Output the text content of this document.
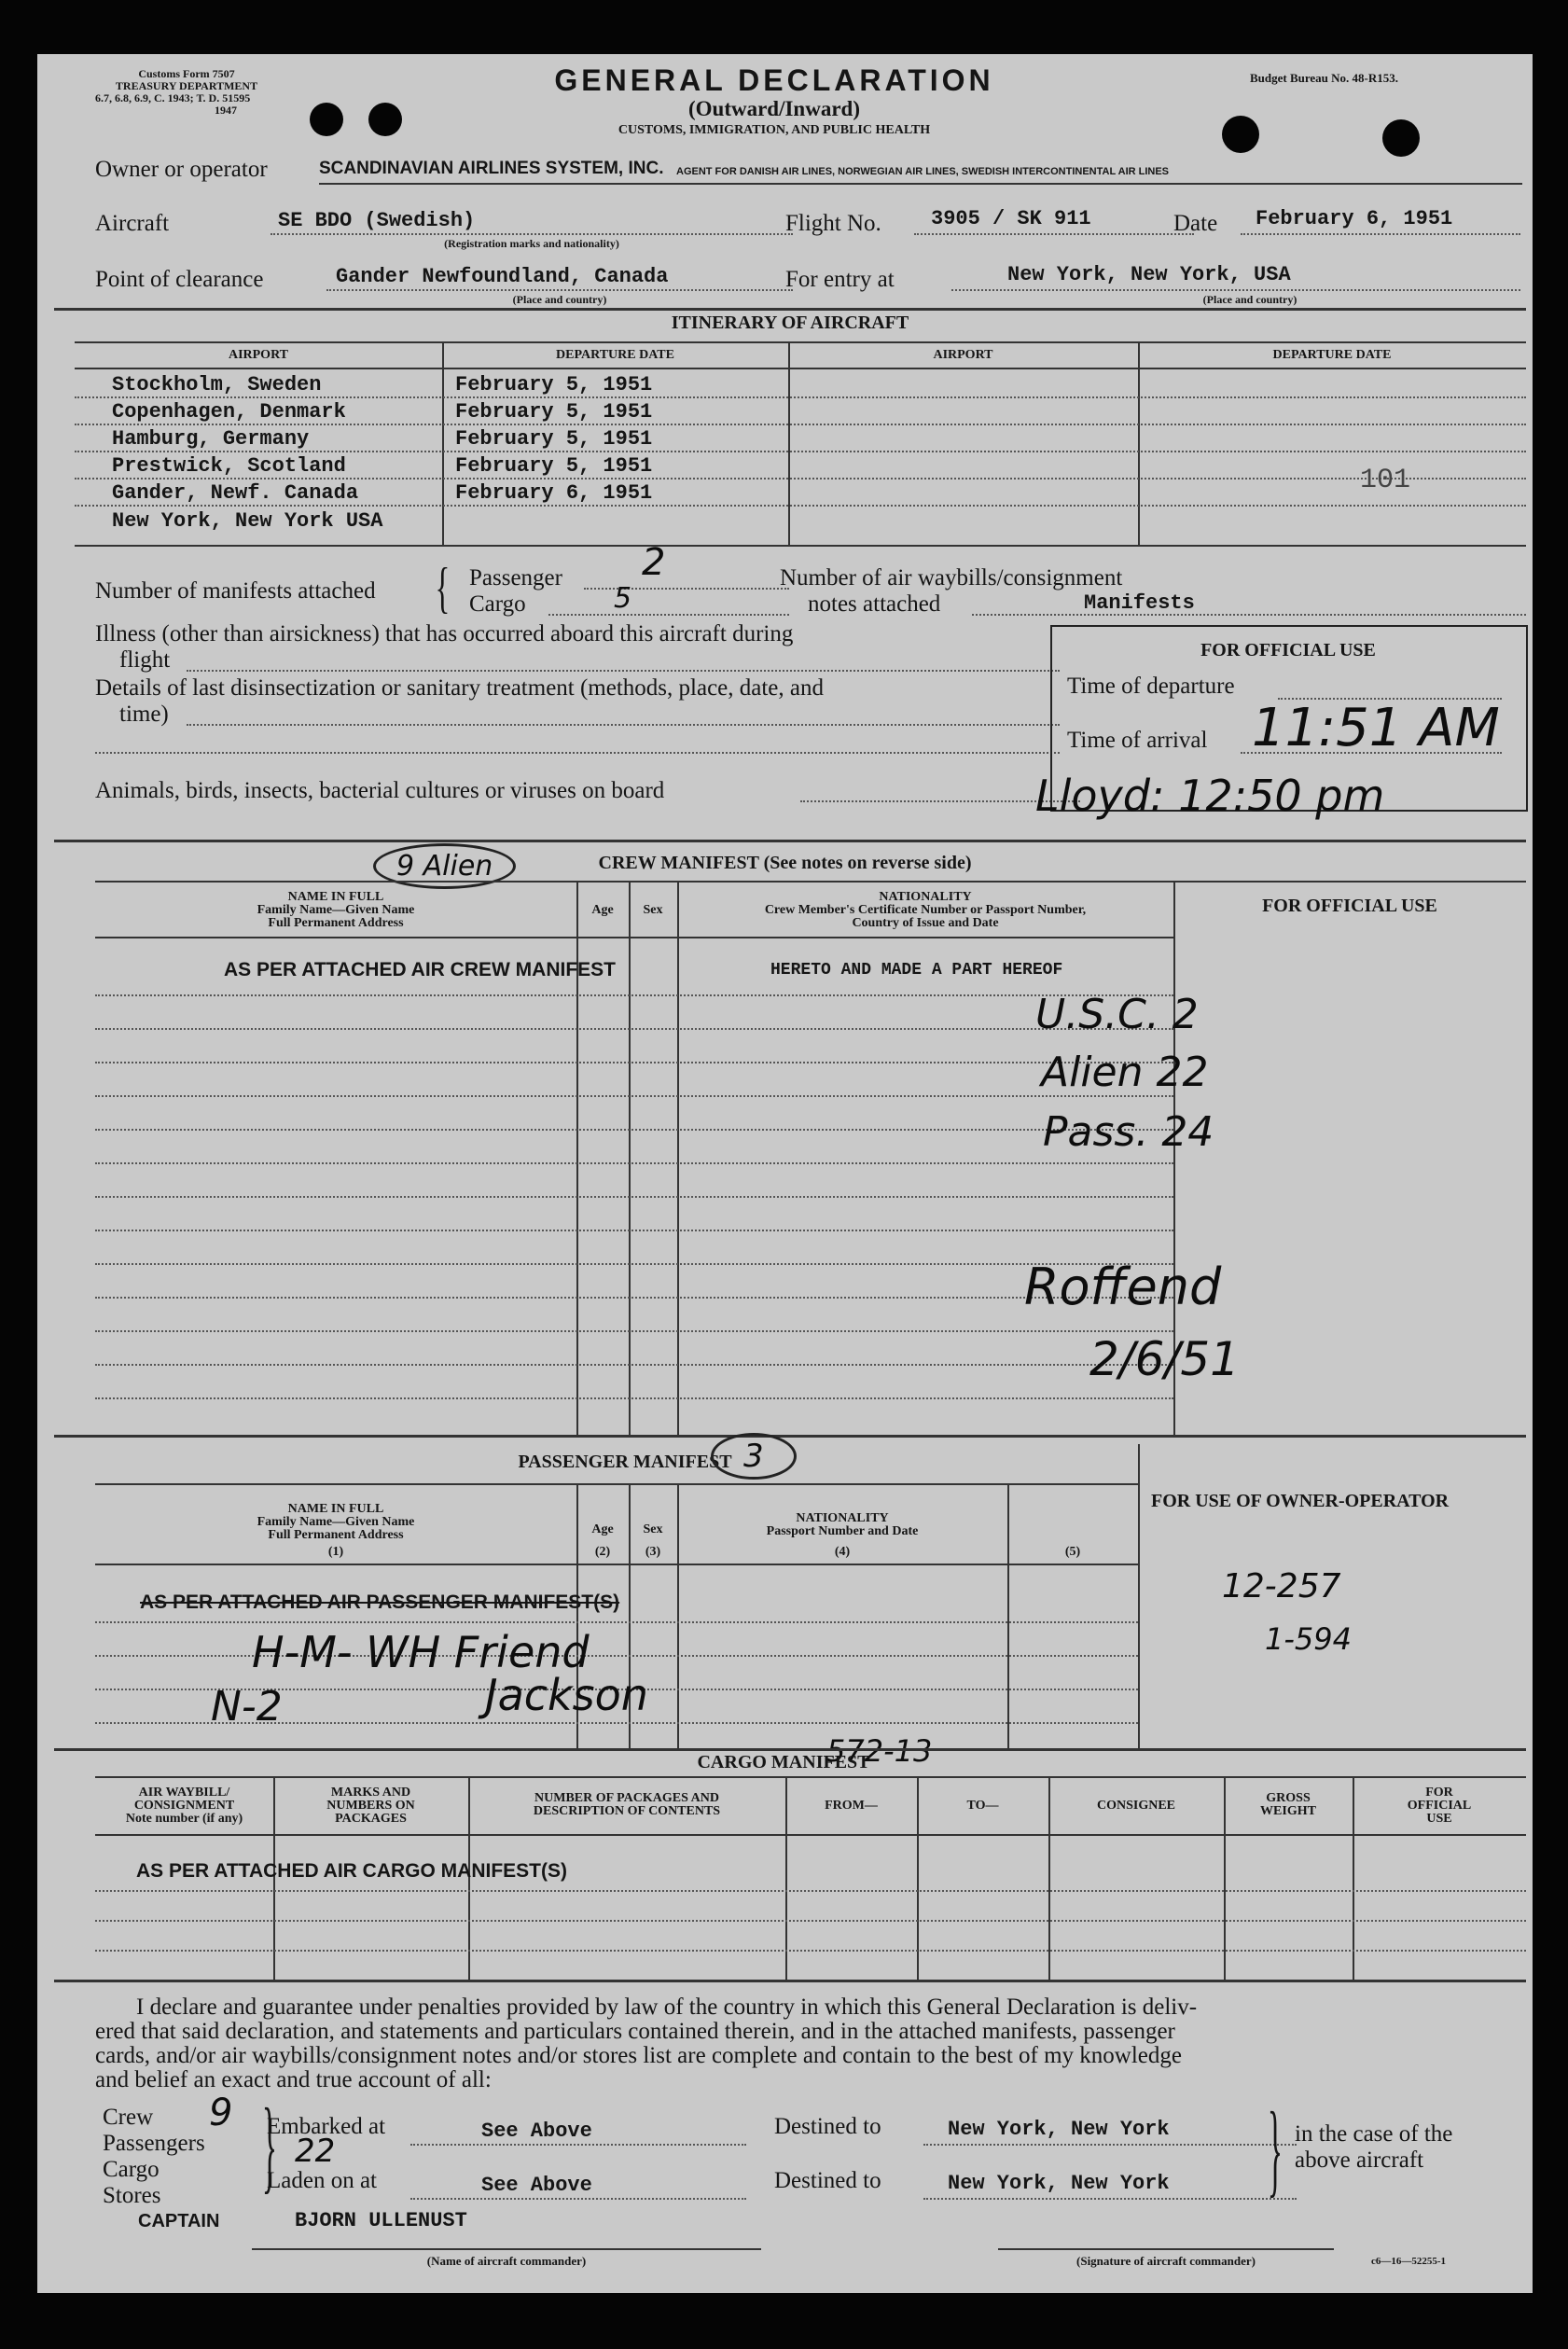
Customs Form 7507
TREASURY DEPARTMENT
6.7, 6.8, 6.9, C. 1943; T. D. 51595
1947
GENERAL DECLARATION
(Outward/Inward)
CUSTOMS, IMMIGRATION, AND PUBLIC HEALTH
Budget Bureau No. 48-R153.
Owner or operator	SCANDINAVIAN AIRLINES SYSTEM, INC. AGENT FOR DANISH AIR LINES, NORWEGIAN AIR LINES, SWEDISH INTERCONTINENTAL AIR LINES
Aircraft	SE BDO (Swedish)
(Registration marks and nationality)
Flight No. 3905 / SK 911	Date February 6, 1951
Point of clearance	Gander Newfoundland, Canada
(Place and country)
For entry at	New York, New York, USA
(Place and country)
ITINERARY OF AIRCRAFT
AIRPORT	DEPARTURE DATE	AIRPORT	DEPARTURE DATE
Stockholm, Sweden	February 5, 1951
Copenhagen, Denmark	February 5, 1951
Hamburg, Germany	February 5, 1951
Prestwick, Scotland	February 5, 1951
Gander, Newf. Canada	February 6, 1951
New York, New York USA
101
Number of manifests attached { Passenger
Cargo
2
5
Number of air waybills/consignment
notes attached	Manifests
Illness (other than airsickness) that has occurred aboard this aircraft during
flight
Details of last disinsectization or sanitary treatment (methods, place, date, and
time)
Animals, birds, insects, bacterial cultures or viruses on board
FOR OFFICIAL USE
Time of departure
Time of arrival 11:51 AM
Lloyd: 12:50 pm
CREW MANIFEST (See notes on reverse side)
9 Alien
NAME IN FULL
Family Name—Given Name
Full Permanent Address
Age	Sex
NATIONALITY
Crew Member's Certificate Number or Passport Number,
Country of Issue and Date
FOR OFFICIAL USE
AS PER ATTACHED AIR CREW MANIFEST	HERETO AND MADE A PART HEREOF
U.S.C. 2
Alien 22
Pass. 24
Roffend
2/6/51
PASSENGER MANIFEST 3
NAME IN FULL
Family Name—Given Name
Full Permanent Address
(1)
Age
(2)
Sex
(3)
NATIONALITY
Passport Number and Date
(4)	(5)
FOR USE OF OWNER-OPERATOR
AS PER ATTACHED AIR PASSENGER MANIFEST(S)
H-M- WH Friend
N-2	Jackson
12-257
1-594
572-13
CARGO MANIFEST
AIR WAYBILL/
CONSIGNMENT
Note number (if any)
MARKS AND
NUMBERS ON
PACKAGES
NUMBER OF PACKAGES AND
DESCRIPTION OF CONTENTS	FROM—	TO—	CONSIGNEE
GROSS
WEIGHT
FOR
OFFICIAL
USE
AS PER ATTACHED AIR CARGO MANIFEST(S)
I declare and guarantee under penalties provided by law of the country in which this General Declaration is deliv-
ered that said declaration, and statements and particulars contained therein, and in the attached manifests, passenger
cards, and/or air waybills/consignment notes and/or stores list are complete and contain to the best of my knowledge
and belief an exact and true account of all:
Crew
Passengers
Cargo
Stores
9
22
}
Embarked at	See Above
Laden on at	See Above
Destined to	New York, New York
Destined to	New York, New York } in the case of the
above aircraft
CAPTAIN	BJORN ULLENUST
(Name of aircraft commander)	(Signature of aircraft commander)	c6—16—52255-1
